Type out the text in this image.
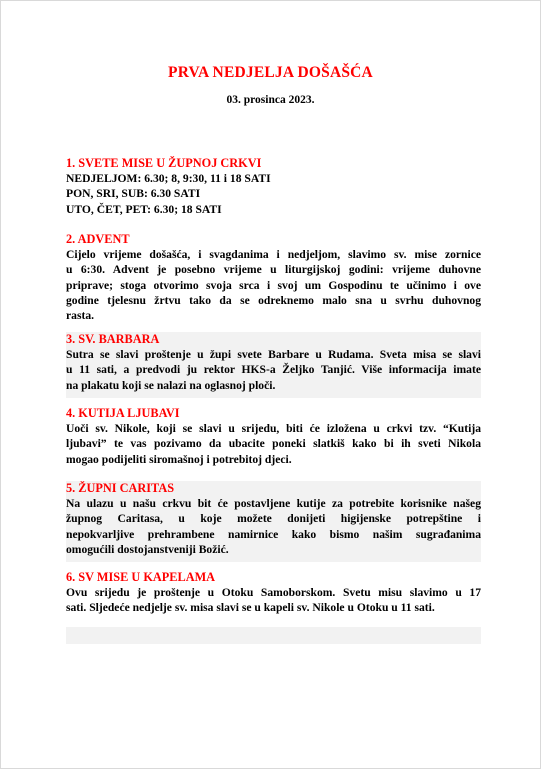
PRVA NEDJELJA DOŠAŠĆA
03. prosinca 2023.
1. SVETE MISE U ŽUPNOJ CRKVI
NEDJELJOM: 6.30; 8, 9:30, 11 i 18 SATI
PON, SRI, SUB: 6.30 SATI
UTO, ČET, PET: 6.30; 18 SATI
2. ADVENT
Cijelo vrijeme došašća, i svagdanima i nedjeljom, slavimo sv. mise zornice
u 6:30. Advent je posebno vrijeme u liturgijskoj godini: vrijeme duhovne
priprave; stoga otvorimo svoja srca i svoj um Gospodinu te učinimo i ove
godine tjelesnu žrtvu tako da se odreknemo malo sna u svrhu duhovnog
rasta.
3. SV. BARBARA
Sutra se slavi proštenje u župi svete Barbare u Rudama. Sveta misa se slavi
u 11 sati, a predvodi ju rektor HKS-a Željko Tanjić. Više informacija imate
na plakatu koji se nalazi na oglasnoj ploči.
4. KUTIJA LJUBAVI
Uoči sv. Nikole, koji se slavi u srijedu, biti će izložena u crkvi tzv. “Kutija
ljubavi” te vas pozivamo da ubacite poneki slatkiš kako bi ih sveti Nikola
mogao podijeliti siromašnoj i potrebitoj djeci.
5. ŽUPNI CARITAS
Na ulazu u našu crkvu bit će postavljene kutije za potrebite korisnike našeg
župnog Caritasa, u koje možete donijeti higijenske potrepštine i
nepokvarljive prehrambene namirnice kako bismo našim sugrađanima
omogućili dostojanstveniji Božić.
6. SV MISE U KAPELAMA
Ovu srijedu je proštenje u Otoku Samoborskom. Svetu misu slavimo u 17
sati. Sljedeće nedjelje sv. misa slavi se u kapeli sv. Nikole u Otoku u 11 sati.
